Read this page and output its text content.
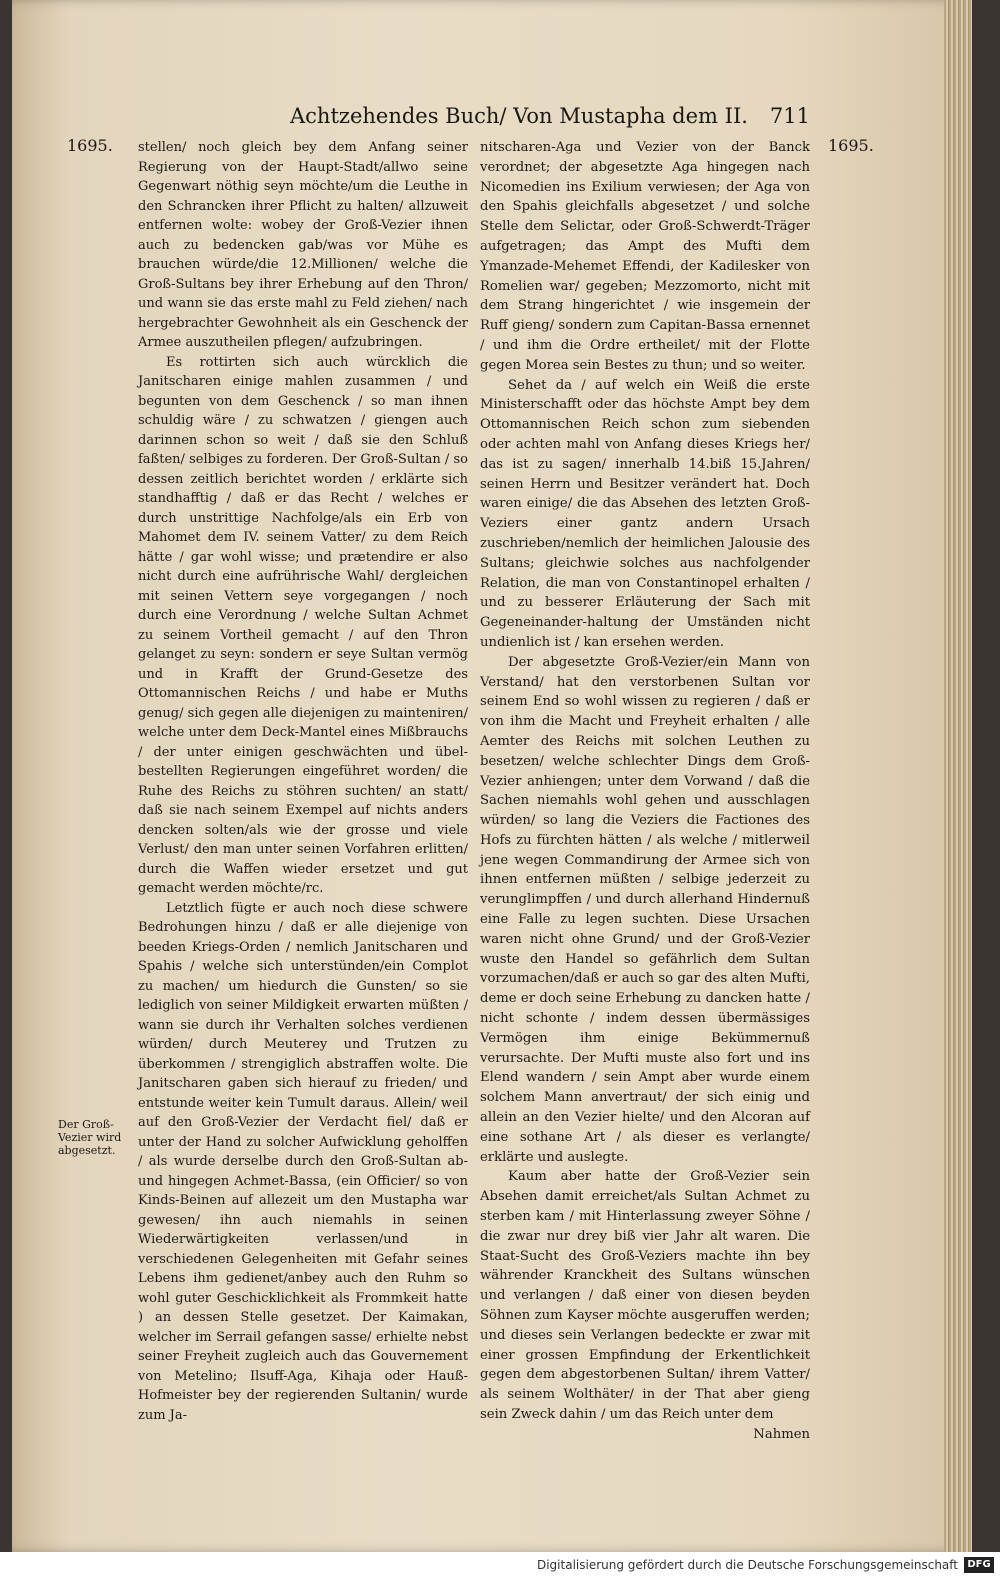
Achtzehendes Buch/ Von Mustapha dem II. 711
1695.	1695.
Der Groß-Vezier wird abgesetzt.

stellen/ noch gleich bey dem Anfang seiner Regierung von der Haupt-Stadt/allwo seine Gegenwart nöthig seyn möchte/um die Leuthe in den Schrancken ihrer Pflicht zu halten/ allzuweit entfernen wolte: wobey der Groß-Vezier ihnen auch zu bedencken gab/was vor Mühe es brauchen würde/die 12.Millionen/ welche die Groß-Sultans bey ihrer Erhebung auf den Thron/ und wann sie das erste mahl zu Feld ziehen/ nach hergebrachter Gewohnheit als ein Geschenck der Armee auszutheilen pflegen/ aufzubringen.

Es rottirten sich auch würcklich die Janitscharen einige mahlen zusammen / und begunten von dem Geschenck / so man ihnen schuldig wäre / zu schwatzen / giengen auch darinnen schon so weit / daß sie den Schluß faßten/ selbiges zu forderen. Der Groß-Sultan / so dessen zeitlich berichtet worden / erklärte sich standhafftig / daß er das Recht / welches er durch unstrittige Nachfolge/als ein Erb von Mahomet dem IV. seinem Vatter/ zu dem Reich hätte / gar wohl wisse; und prætendire er also nicht durch eine aufrührische Wahl/ dergleichen mit seinen Vettern seye vorgegangen / noch durch eine Verordnung / welche Sultan Achmet zu seinem Vortheil gemacht / auf den Thron gelanget zu seyn: sondern er seye Sultan vermög und in Krafft der Grund-Gesetze des Ottomannischen Reichs / und habe er Muths genug/ sich gegen alle diejenigen zu mainteniren/ welche unter dem Deck-Mantel eines Mißbrauchs / der unter einigen geschwächten und übel-bestellten Regierungen eingeführet worden/ die Ruhe des Reichs zu stöhren suchten/ an statt/ daß sie nach seinem Exempel auf nichts anders dencken solten/als wie der grosse und viele Verlust/ den man unter seinen Vorfahren erlitten/ durch die Waffen wieder ersetzet und gut gemacht werden möchte/rc.

Letztlich fügte er auch noch diese schwere Bedrohungen hinzu / daß er alle diejenige von beeden Kriegs-Orden / nemlich Janitscharen und Spahis / welche sich unterstünden/ein Complot zu machen/ um hiedurch die Gunsten/ so sie lediglich von seiner Mildigkeit erwarten müßten / wann sie durch ihr Verhalten solches verdienen würden/ durch Meuterey und Trutzen zu überkommen / strengiglich abstraffen wolte. Die Janitscharen gaben sich hierauf zu frieden/ und entstunde weiter kein Tumult daraus. Allein/ weil auf den Groß-Vezier der Verdacht fiel/ daß er unter der Hand zu solcher Aufwicklung geholffen / als wurde derselbe durch den Groß-Sultan ab- und hingegen Achmet-Bassa, (ein Officier/ so von Kinds-Beinen auf allezeit um den Mustapha war gewesen/ ihn auch niemahls in seinen Wiederwärtigkeiten verlassen/und in verschiedenen Gelegenheiten mit Gefahr seines Lebens ihm gedienet/anbey auch den Ruhm so wohl guter Geschicklichkeit als Frommkeit hatte ) an dessen Stelle gesetzet. Der Kaimakan, welcher im Serrail gefangen sasse/ erhielte nebst seiner Freyheit zugleich auch das Gouvernement von Metelino; Ilsuff-Aga, Kihaja oder Hauß-Hofmeister bey der regierenden Sultanin/ wurde zum Ja-

nitscharen-Aga und Vezier von der Banck verordnet; der abgesetzte Aga hingegen nach Nicomedien ins Exilium verwiesen; der Aga von den Spahis gleichfalls abgesetzet / und solche Stelle dem Selictar, oder Groß-Schwerdt-Träger aufgetragen; das Ampt des Mufti dem Ymanzade-Mehemet Effendi, der Kadilesker von Romelien war/ gegeben; Mezzomorto, nicht mit dem Strang hingerichtet / wie insgemein der Ruff gieng/ sondern zum Capitan-Bassa ernennet / und ihm die Ordre ertheilet/ mit der Flotte gegen Morea sein Bestes zu thun; und so weiter.

Sehet da / auf welch ein Weiß die erste Ministerschafft oder das höchste Ampt bey dem Ottomannischen Reich schon zum siebenden oder achten mahl von Anfang dieses Kriegs her/ das ist zu sagen/ innerhalb 14.biß 15.Jahren/ seinen Herrn und Besitzer verändert hat. Doch waren einige/ die das Absehen des letzten Groß-Veziers einer gantz andern Ursach zuschrieben/nemlich der heimlichen Jalousie des Sultans; gleichwie solches aus nachfolgender Relation, die man von Constantinopel erhalten / und zu besserer Erläuterung der Sach mit Gegeneinander-haltung der Umständen nicht undienlich ist / kan ersehen werden.

Der abgesetzte Groß-Vezier/ein Mann von Verstand/ hat den verstorbenen Sultan vor seinem End so wohl wissen zu regieren / daß er von ihm die Macht und Freyheit erhalten / alle Aemter des Reichs mit solchen Leuthen zu besetzen/ welche schlechter Dings dem Groß-Vezier anhiengen; unter dem Vorwand / daß die Sachen niemahls wohl gehen und ausschlagen würden/ so lang die Veziers die Factiones des Hofs zu fürchten hätten / als welche / mitlerweil jene wegen Commandirung der Armee sich von ihnen entfernen müßten / selbige jederzeit zu verunglimpffen / und durch allerhand Hindernuß eine Falle zu legen suchten. Diese Ursachen waren nicht ohne Grund/ und der Groß-Vezier wuste den Handel so gefährlich dem Sultan vorzumachen/daß er auch so gar des alten Mufti, deme er doch seine Erhebung zu dancken hatte / nicht schonte / indem dessen übermässiges Vermögen ihm einige Bekümmernuß verursachte. Der Mufti muste also fort und ins Elend wandern / sein Ampt aber wurde einem solchem Mann anvertraut/ der sich einig und allein an den Vezier hielte/ und den Alcoran auf eine sothane Art / als dieser es verlangte/ erklärte und auslegte.

Kaum aber hatte der Groß-Vezier sein Absehen damit erreichet/als Sultan Achmet zu sterben kam / mit Hinterlassung zweyer Söhne / die zwar nur drey biß vier Jahr alt waren. Die Staat-Sucht des Groß-Veziers machte ihn bey währender Kranckheit des Sultans wünschen und verlangen / daß einer von diesen beyden Söhnen zum Kayser möchte ausgeruffen werden; und dieses sein Verlangen bedeckte er zwar mit einer grossen Empfindung der Erkentlichkeit gegen dem abgestorbenen Sultan/ ihrem Vatter/ als seinem Wolthäter/ in der That aber gieng sein Zweck dahin / um das Reich unter dem

Nahmen

Digitalisierung gefördert durch die Deutsche Forschungsgemeinschaft DFG
